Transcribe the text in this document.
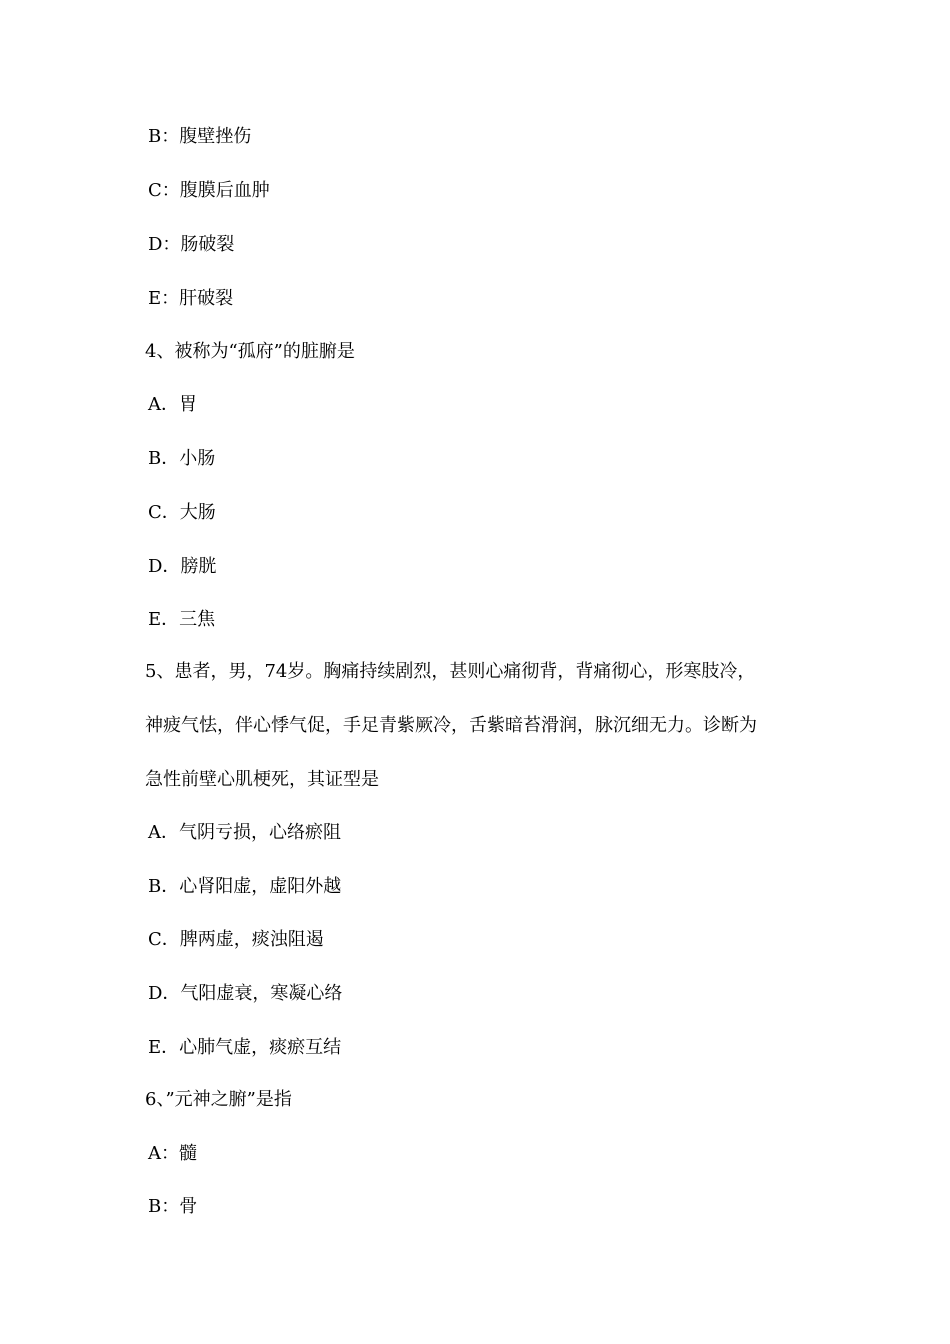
B：腹壁挫伤
C：腹膜后血肿
D：肠破裂
E：肝破裂
4、被称为“孤府”的脏腑是
A．胃
B．小肠
C．大肠
D．膀胱
E．三焦
5、患者，男，74岁。胸痛持续剧烈，甚则心痛彻背，背痛彻心，形寒肢冷，
神疲气怯，伴心悸气促，手足青紫厥冷，舌紫暗苔滑润，脉沉细无力。诊断为
急性前壁心肌梗死，其证型是
A．气阴亏损，心络瘀阻
B．心肾阳虚，虚阳外越
C．脾两虚，痰浊阻遏
D．气阳虚衰，寒凝心络
E．心肺气虚，痰瘀互结
6、”元神之腑”是指
A：髓
B：骨
